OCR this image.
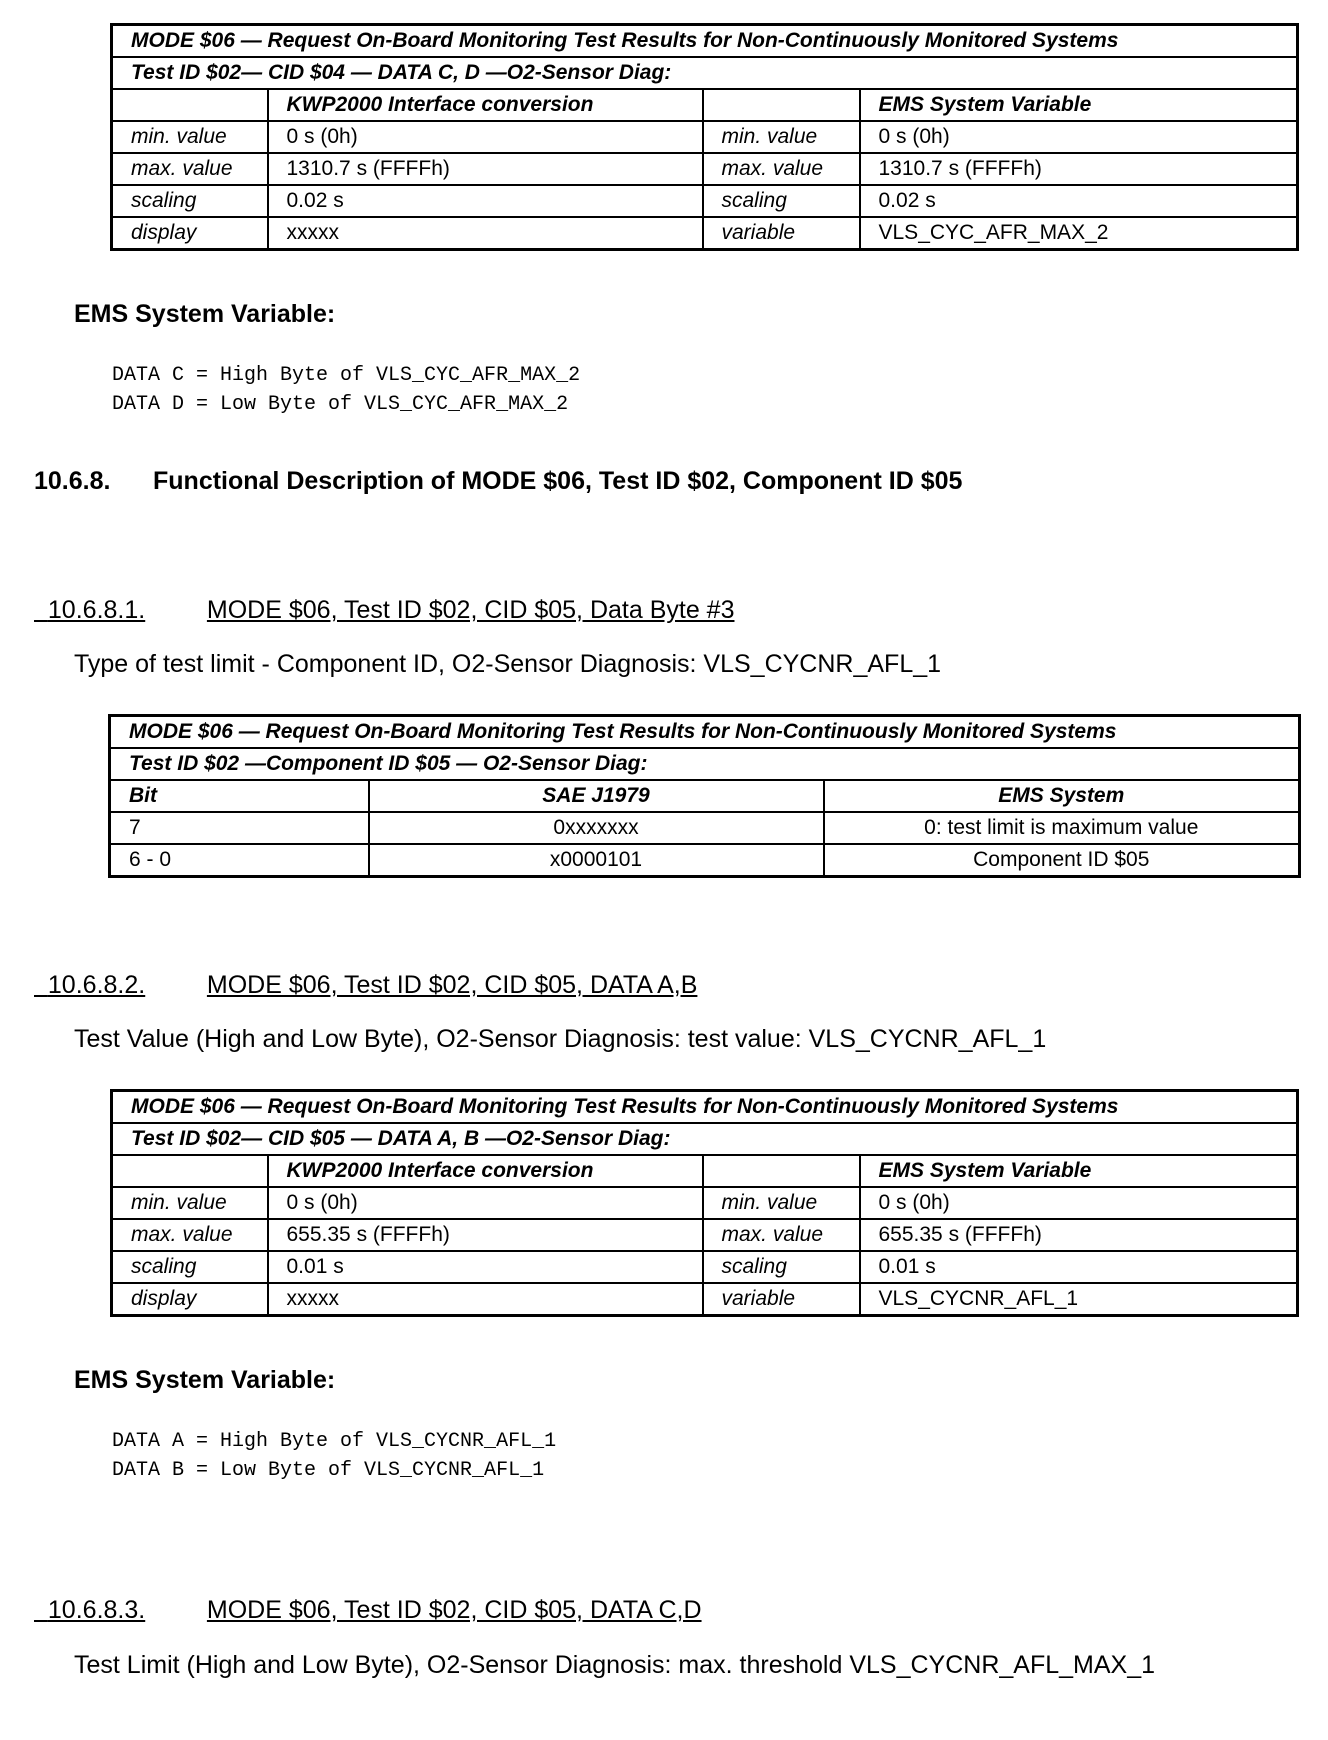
MODE $06 — Request On-Board Monitoring Test Results for Non-Continuously Monitored Systems			
Test ID $02— CID $04 — DATA C, D —O2-Sensor Diag:			
	KWP2000 Interface conversion		EMS System Variable
min. value	0 s (0h)	min. value	0 s (0h)
max. value	1310.7 s (FFFFh)	max. value	1310.7 s (FFFFh)
scaling	0.02 s	scaling	0.02 s
display	xxxxx	variable	VLS_CYC_AFR_MAX_2
EMS System Variable:
DATA C = High Byte of VLS_CYC_AFR_MAX_2
DATA D = Low Byte of VLS_CYC_AFR_MAX_2
10.6.8. Functional Description of MODE $06, Test ID $02, Component ID $05

10.6.8.1. MODE $06, Test ID $02, CID $05, Data Byte #3

Type of test limit - Component ID, O2-Sensor Diagnosis: VLS_CYCNR_AFL_1
MODE $06 — Request On-Board Monitoring Test Results for Non-Continuously Monitored Systems		
Test ID $02 —Component ID $05 — O2-Sensor Diag:		
Bit	SAE J1979	EMS System
7	0xxxxxxx	0: test limit is maximum value
6 - 0	x0000101	Component ID $05

10.6.8.2. MODE $06, Test ID $02, CID $05, DATA A,B

Test Value (High and Low Byte), O2-Sensor Diagnosis: test value: VLS_CYCNR_AFL_1
MODE $06 — Request On-Board Monitoring Test Results for Non-Continuously Monitored Systems			
Test ID $02— CID $05 — DATA A, B —O2-Sensor Diag:			
	KWP2000 Interface conversion		EMS System Variable
min. value	0 s (0h)	min. value	0 s (0h)
max. value	655.35 s (FFFFh)	max. value	655.35 s (FFFFh)
scaling	0.01 s	scaling	0.01 s
display	xxxxx	variable	VLS_CYCNR_AFL_1
EMS System Variable:
DATA A = High Byte of VLS_CYCNR_AFL_1
DATA B = Low Byte of VLS_CYCNR_AFL_1

10.6.8.3. MODE $06, Test ID $02, CID $05, DATA C,D

Test Limit (High and Low Byte), O2-Sensor Diagnosis: max. threshold VLS_CYCNR_AFL_MAX_1
